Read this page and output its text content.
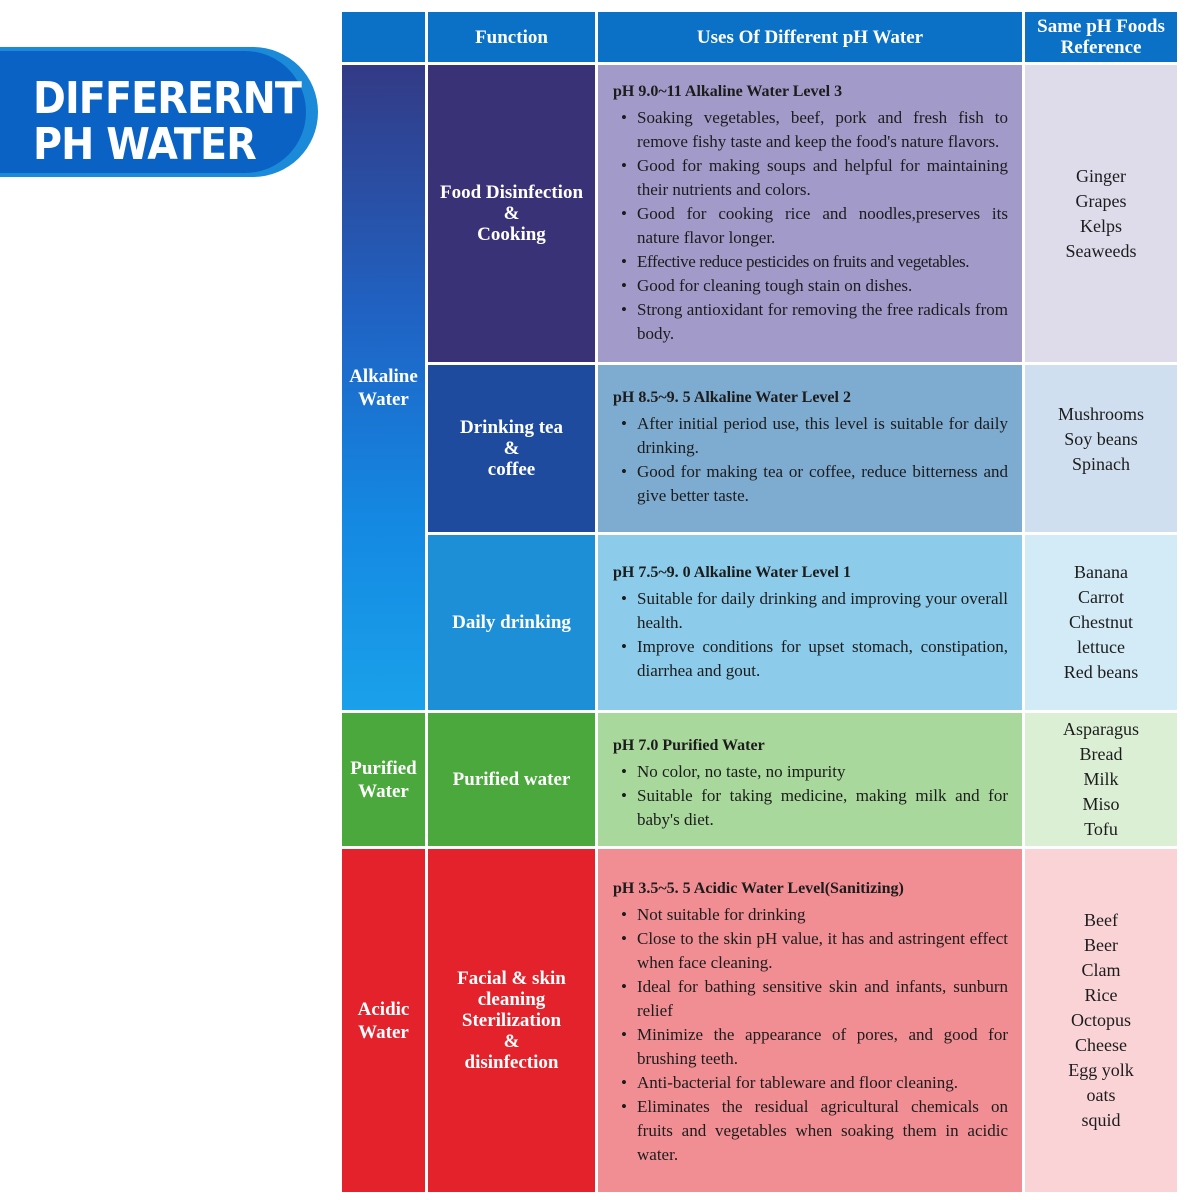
DIFFERERNT
PH WATER
Function	Uses Of Different pH Water	Same pH Foods
Reference
Alkaline
Water
Purified
Water
Acidic
Water
Food Disinfection
&
Cooking
pH 9.0~11 Alkaline Water Level 3
• Soaking vegetables, beef, pork and fresh fish to remove fishy taste and keep the food's nature flavors.
• Good for making soups and helpful for maintaining their nutrients and colors.
• Good for cooking rice and noodles,preserves its nature flavor longer.
• Effective reduce pesticides on fruits and vegetables.
• Good for cleaning tough stain on dishes.
• Strong antioxidant for removing the free radicals from body.
Ginger
Grapes
Kelps
Seaweeds
Drinking tea
&
coffee
pH 8.5~9. 5 Alkaline Water Level 2
• After initial period use, this level is suitable for daily drinking.
• Good for making tea or coffee, reduce bitterness and give better taste.
Mushrooms
Soy beans
Spinach
Daily drinking
pH 7.5~9. 0 Alkaline Water Level 1
• Suitable for daily drinking and improving your overall health.
• Improve conditions for upset stomach, constipation, diarrhea and gout.
Banana
Carrot
Chestnut
lettuce
Red beans
Purified water
pH 7.0 Purified Water
• No color, no taste, no impurity
• Suitable for taking medicine, making milk and for baby's diet.
Asparagus
Bread
Milk
Miso
Tofu
Facial & skin
cleaning
Sterilization
&
disinfection
pH 3.5~5. 5 Acidic Water Level(Sanitizing)
• Not suitable for drinking
• Close to the skin pH value, it has and astringent effect when face cleaning.
• Ideal for bathing sensitive skin and infants, sunburn relief
• Minimize the appearance of pores, and good for brushing teeth.
• Anti-bacterial for tableware and floor cleaning.
• Eliminates the residual agricultural chemicals on fruits and vegetables when soaking them in acidic water.
Beef
Beer
Clam
Rice
Octopus
Cheese
Egg yolk
oats
squid
